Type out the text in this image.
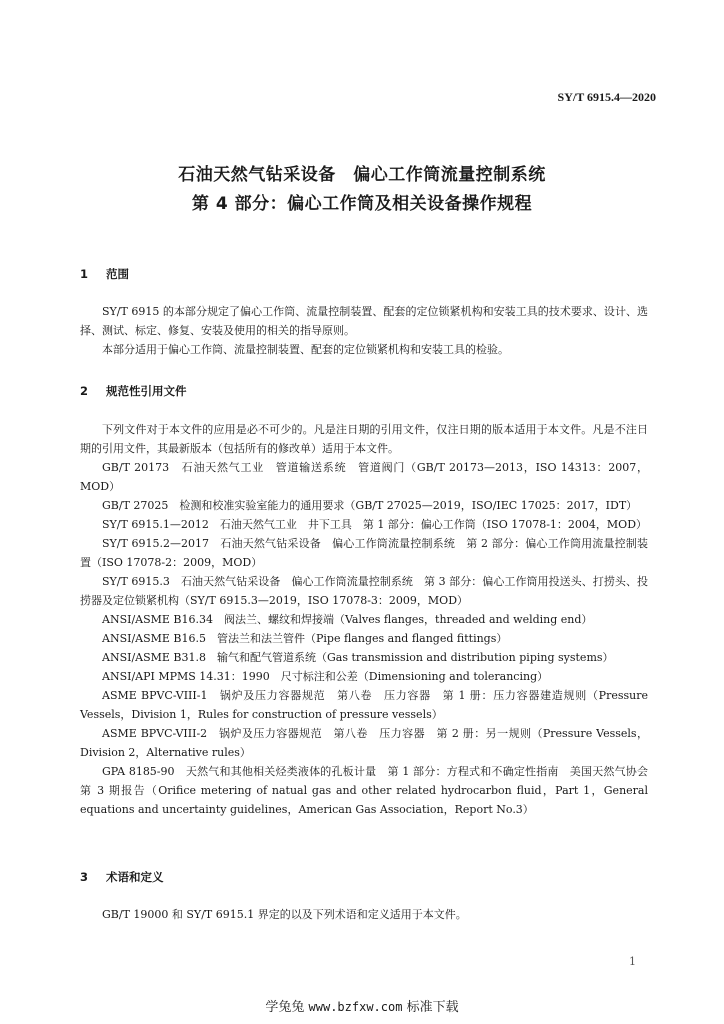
SY/T 6915.4—2020
石油天然气钻采设备　偏心工作筒流量控制系统
第 4 部分：偏心工作筒及相关设备操作规程
1 范围

SY/T 6915 的本部分规定了偏心工作筒、流量控制装置、配套的定位锁紧机构和安装工具的技术要求、设计、选择、测试、标定、修复、安装及使用的相关的指导原则。

本部分适用于偏心工作筒、流量控制装置、配套的定位锁紧机构和安装工具的检验。

2 规范性引用文件

下列文件对于本文件的应用是必不可少的。凡是注日期的引用文件，仅注日期的版本适用于本文件。凡是不注日期的引用文件，其最新版本（包括所有的修改单）适用于本文件。

GB/T 20173　石油天然气工业　管道输送系统　管道阀门（GB/T 20173—2013，ISO 14313：2007，MOD）

GB/T 27025　检测和校准实验室能力的通用要求（GB/T 27025—2019，ISO/IEC 17025：2017，IDT）

SY/T 6915.1—2012　石油天然气工业　井下工具　第 1 部分：偏心工作筒（ISO 17078-1：2004，MOD）

SY/T 6915.2—2017　石油天然气钻采设备　偏心工作筒流量控制系统　第 2 部分：偏心工作筒用流量控制装置（ISO 17078-2：2009，MOD）

SY/T 6915.3　石油天然气钻采设备　偏心工作筒流量控制系统　第 3 部分：偏心工作筒用投送头、打捞头、投捞器及定位锁紧机构（SY/T 6915.3—2019，ISO 17078-3：2009，MOD）

ANSI/ASME B16.34　阀法兰、螺纹和焊接端（Valves flanges，threaded and welding end）

ANSI/ASME B16.5　管法兰和法兰管件（Pipe flanges and flanged fittings）

ANSI/ASME B31.8　输气和配气管道系统（Gas transmission and distribution piping systems）

ANSI/API MPMS 14.31：1990　尺寸标注和公差（Dimensioning and tolerancing）

ASME BPVC-VIII-1　锅炉及压力容器规范　第八卷　压力容器　第 1 册：压力容器建造规则（Pressure Vessels，Division 1，Rules for construction of pressure vessels）

ASME BPVC-VIII-2　锅炉及压力容器规范　第八卷　压力容器　第 2 册：另一规则（Pressure Vessels，Division 2，Alternative rules）

GPA 8185-90　天然气和其他相关烃类液体的孔板计量　第 1 部分：方程式和不确定性指南　美国天然气协会　第 3 期报告（Orifice metering of natual gas and other related hydrocarbon fluid，Part 1，General equations and uncertainty guidelines，American Gas Association，Report No.3）

3 术语和定义

GB/T 19000 和 SY/T 6915.1 界定的以及下列术语和定义适用于本文件。

1
学兔兔 www.bzfxw.com 标准下载
